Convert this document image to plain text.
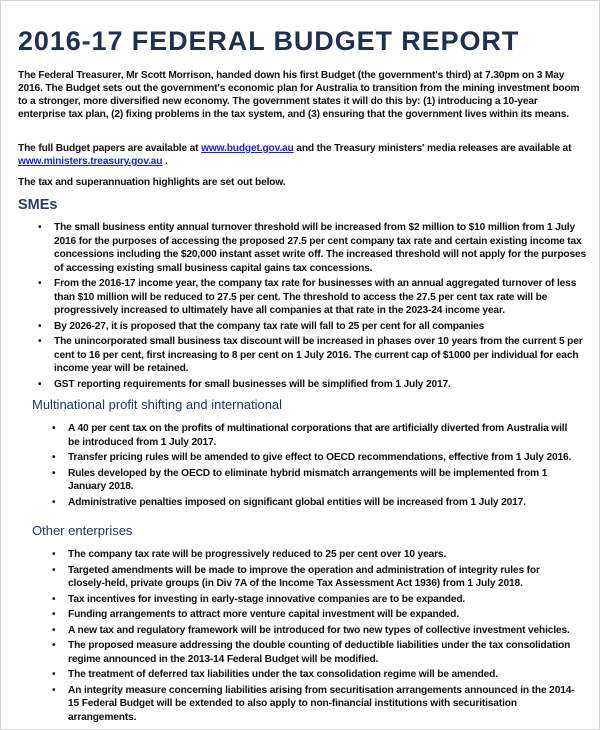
2016-17 FEDERAL BUDGET REPORT

The Federal Treasurer, Mr Scott Morrison, handed down his first Budget (the government's third) at 7.30pm on 3 May 2016. The Budget sets out the government's economic plan for Australia to transition from the mining investment boom to a stronger, more diversified new economy. The government states it will do this by: (1) introducing a 10-year enterprise tax plan, (2) fixing problems in the tax system, and (3) ensuring that the government lives within its means.

The full Budget papers are available at www.budget.gov.au and the Treasury ministers' media releases are available at www.ministers.treasury.gov.au .

The tax and superannuation highlights are set out below.

SMEs
• The small business entity annual turnover threshold will be increased from $2 million to $10 million from 1 July 2016 for the purposes of accessing the proposed 27.5 per cent company tax rate and certain existing income tax concessions including the $20,000 instant asset write off. The increased threshold will not apply for the purposes of accessing existing small business capital gains tax concessions.
• From the 2016-17 income year, the company tax rate for businesses with an annual aggregated turnover of less than $10 million will be reduced to 27.5 per cent. The threshold to access the 27.5 per cent tax rate will be progressively increased to ultimately have all companies at that rate in the 2023-24 income year.
• By 2026-27, it is proposed that the company tax rate will fall to 25 per cent for all companies
• The unincorporated small business tax discount will be increased in phases over 10 years from the current 5 per cent to 16 per cent, first increasing to 8 per cent on 1 July 2016. The current cap of $1000 per individual for each income year will be retained.
• GST reporting requirements for small businesses will be simplified from 1 July 2017.
Multinational profit shifting and international
• A 40 per cent tax on the profits of multinational corporations that are artificially diverted from Australia will be introduced from 1 July 2017.
• Transfer pricing rules will be amended to give effect to OECD recommendations, effective from 1 July 2016.
• Rules developed by the OECD to eliminate hybrid mismatch arrangements will be implemented from 1 January 2018.
• Administrative penalties imposed on significant global entities will be increased from 1 July 2017.
Other enterprises
• The company tax rate will be progressively reduced to 25 per cent over 10 years.
• Targeted amendments will be made to improve the operation and administration of integrity rules for closely-held, private groups (in Div 7A of the Income Tax Assessment Act 1936) from 1 July 2018.
• Tax incentives for investing in early-stage innovative companies are to be expanded.
• Funding arrangements to attract more venture capital investment will be expanded.
• A new tax and regulatory framework will be introduced for two new types of collective investment vehicles.
• The proposed measure addressing the double counting of deductible liabilities under the tax consolidation regime announced in the 2013-14 Federal Budget will be modified.
• The treatment of deferred tax liabilities under the tax consolidation regime will be amended.
• An integrity measure concerning liabilities arising from securitisation arrangements announced in the 2014-15 Federal Budget will be extended to also apply to non-financial institutions with securitisation arrangements.
